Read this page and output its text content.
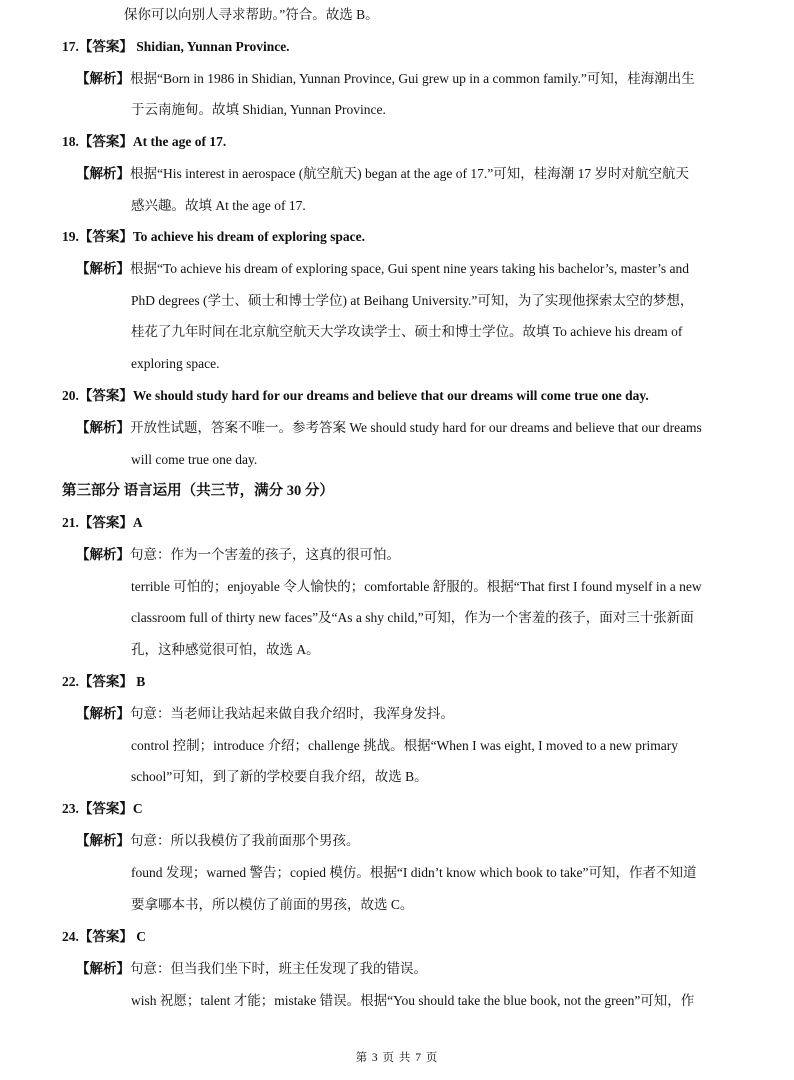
保你可以向别人寻求帮助。”符合。故选 B。
17.【答案】 Shidian, Yunnan Province.
【解析】根据“Born in 1986 in Shidian, Yunnan Province, Gui grew up in a common family.”可知，桂海潮出生
于云南施甸。故填 Shidian, Yunnan Province.
18.【答案】At the age of 17.
【解析】根据“His interest in aerospace (航空航天) began at the age of 17.”可知，桂海潮 17 岁时对航空航天
感兴趣。故填 At the age of 17.
19.【答案】To achieve his dream of exploring space.
【解析】根据“To achieve his dream of exploring space, Gui spent nine years taking his bachelor’s, master’s and
PhD degrees (学士、硕士和博士学位) at Beihang University.”可知，为了实现他探索太空的梦想，
桂花了九年时间在北京航空航天大学攻读学士、硕士和博士学位。故填 To achieve his dream of
exploring space.
20.【答案】We should study hard for our dreams and believe that our dreams will come true one day.
【解析】开放性试题，答案不唯一。参考答案 We should study hard for our dreams and believe that our dreams
will come true one day.
第三部分 语言运用（共三节，满分 30 分）
21.【答案】A
【解析】句意：作为一个害羞的孩子，这真的很可怕。
terrible 可怕的；enjoyable 令人愉快的；comfortable 舒服的。根据“That first I found myself in a new
classroom full of thirty new faces”及“As a shy child,”可知，作为一个害羞的孩子，面对三十张新面
孔，这种感觉很可怕，故选 A。
22.【答案】 B
【解析】句意：当老师让我站起来做自我介绍时，我浑身发抖。
control 控制；introduce 介绍；challenge 挑战。根据“When I was eight, I moved to a new primary
school”可知，到了新的学校要自我介绍，故选 B。
23.【答案】C
【解析】句意：所以我模仿了我前面那个男孩。
found 发现；warned 警告；copied 模仿。根据“I didn’t know which book to take”可知，作者不知道
要拿哪本书，所以模仿了前面的男孩，故选 C。
24.【答案】 C
【解析】句意：但当我们坐下时，班主任发现了我的错误。
wish 祝愿；talent 才能；mistake 错误。根据“You should take the blue book, not the green”可知，作
第 3 页 共 7 页
